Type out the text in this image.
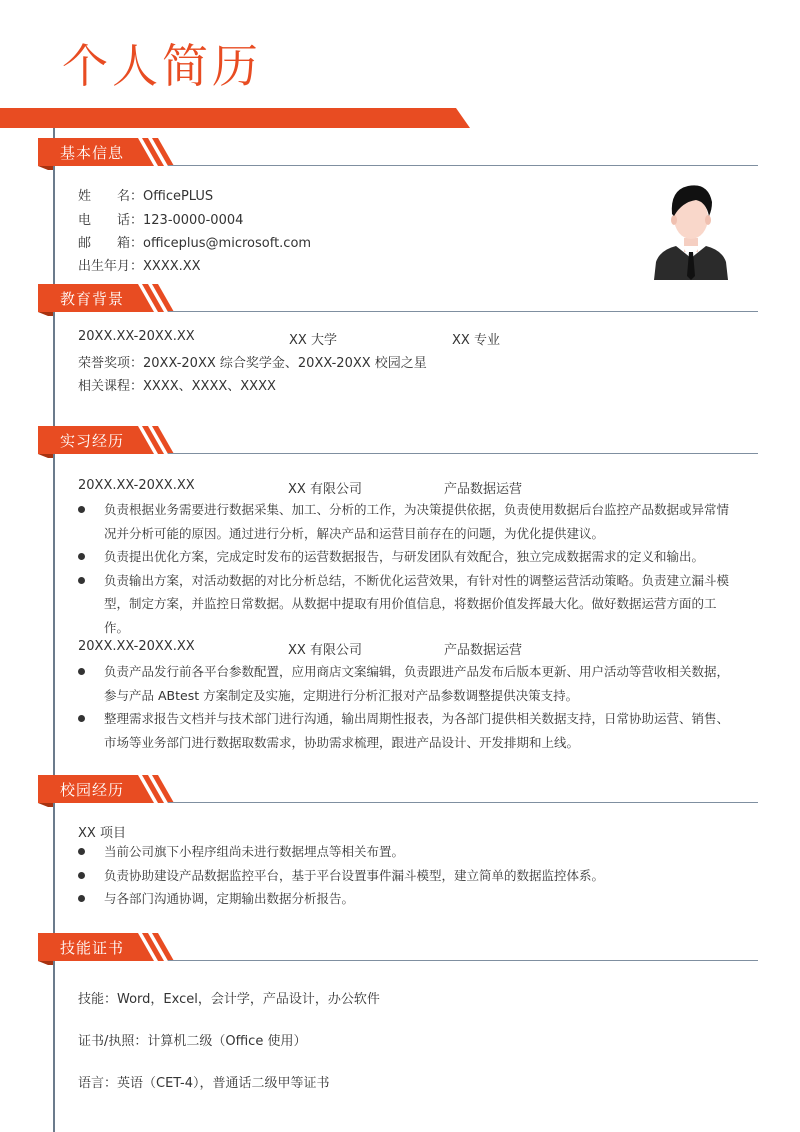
个人简历
基本信息
姓　　名：OfficePLUS
电　　话：123-0000-0004
邮　　箱：officeplus@microsoft.com
出生年月：XXXX.XX
教育背景
20XX.XX-20XX.XX	XX 大学	XX 专业
荣誉奖项：20XX-20XX 综合奖学金、20XX-20XX 校园之星
相关课程：XXXX、XXXX、XXXX
实习经历
20XX.XX-20XX.XX	XX 有限公司	产品数据运营
负责根据业务需要进行数据采集、加工、分析的工作，为决策提供依据，负责使用数据后台监控产品数据或异常情况并分析可能的原因。通过进行分析，解决产品和运营目前存在的问题，为优化提供建议。
负责提出优化方案，完成定时发布的运营数据报告，与研发团队有效配合，独立完成数据需求的定义和输出。
负责输出方案，对活动数据的对比分析总结，不断优化运营效果，有针对性的调整运营活动策略。负责建立漏斗模型，制定方案，并监控日常数据。从数据中提取有用价值信息，将数据价值发挥最大化。做好数据运营方面的工作。
20XX.XX-20XX.XX	XX 有限公司	产品数据运营
负责产品发行前各平台参数配置，应用商店文案编辑，负责跟进产品发布后版本更新、用户活动等营收相关数据，参与产品 ABtest 方案制定及实施，定期进行分析汇报对产品参数调整提供决策支持。
整理需求报告文档并与技术部门进行沟通，输出周期性报表，为各部门提供相关数据支持，日常协助运营、销售、市场等业务部门进行数据取数需求，协助需求梳理，跟进产品设计、开发排期和上线。
校园经历
XX 项目
当前公司旗下小程序组尚未进行数据埋点等相关布置。
负责协助建设产品数据监控平台，基于平台设置事件漏斗模型，建立简单的数据监控体系。
与各部门沟通协调，定期输出数据分析报告。
技能证书
技能：Word，Excel，会计学，产品设计，办公软件
证书/执照：计算机二级（Office 使用）
语言：英语（CET-4），普通话二级甲等证书
